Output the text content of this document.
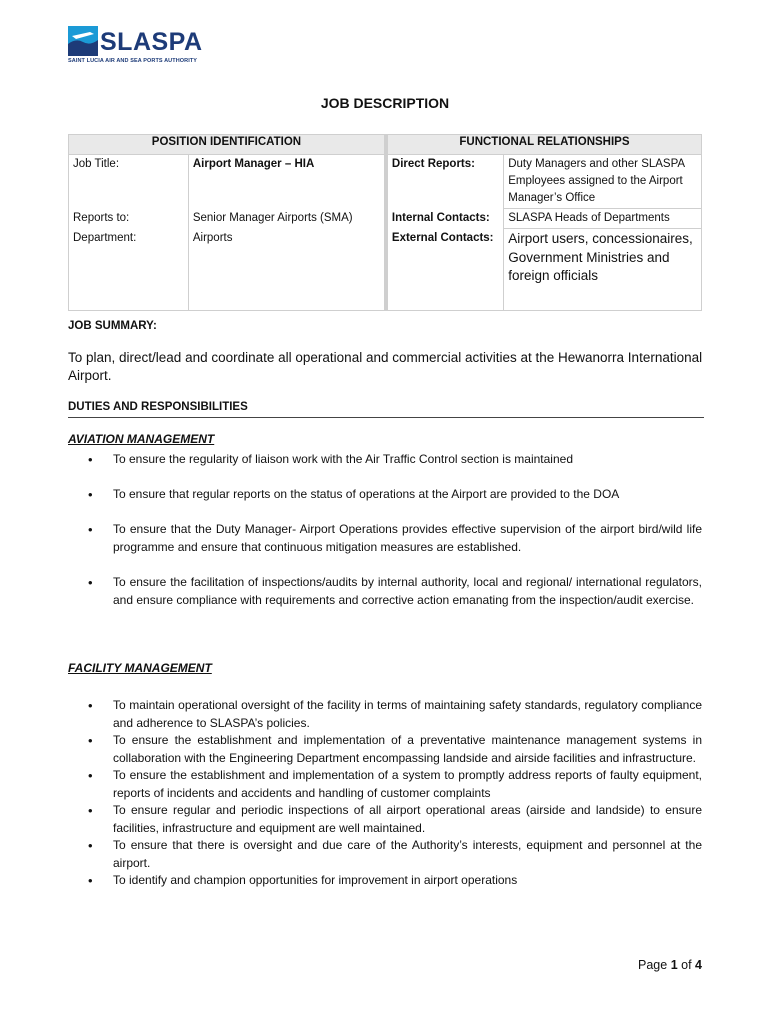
SLASPA
SAINT LUCIA AIR AND SEA PORTS AUTHORITY
JOB DESCRIPTION
POSITION IDENTIFICATION		FUNCTIONAL RELATIONSHIPS	
Job Title:	Airport Manager – HIA	Direct Reports:	Duty Managers and other SLASPA Employees assigned to the Airport Manager’s Office
Reports to:	Senior Manager Airports (SMA)	Internal Contacts:	SLASPA Heads of Departments
Department:	Airports	External Contacts:	Airport users, concessionaires, Government Ministries and foreign officials
JOB SUMMARY:
To plan, direct/lead and coordinate all operational and commercial activities at the Hewanorra International Airport.
DUTIES AND RESPONSIBILITIES
AVIATION MANAGEMENT
• To ensure the regularity of liaison work with the Air Traffic Control section is maintained
• To ensure that regular reports on the status of operations at the Airport are provided to the DOA
• To ensure that the Duty Manager- Airport Operations provides effective supervision of the airport bird/wild life programme and ensure that continuous mitigation measures are established.
• To ensure the facilitation of inspections/audits by internal authority, local and regional/ international regulators, and ensure compliance with requirements and corrective action emanating from the inspection/audit exercise.
FACILITY MANAGEMENT
• To maintain operational oversight of the facility in terms of maintaining safety standards, regulatory compliance and adherence to SLASPA’s policies.
• To ensure the establishment and implementation of a preventative maintenance management systems in collaboration with the Engineering Department encompassing landside and airside facilities and infrastructure.
• To ensure the establishment and implementation of a system to promptly address reports of faulty equipment, reports of incidents and accidents and handling of customer complaints
• To ensure regular and periodic inspections of all airport operational areas (airside and landside) to ensure facilities, infrastructure and equipment are well maintained.
• To ensure that there is oversight and due care of the Authority’s interests, equipment and personnel at the airport.
• To identify and champion opportunities for improvement in airport operations
Page 1 of 4
